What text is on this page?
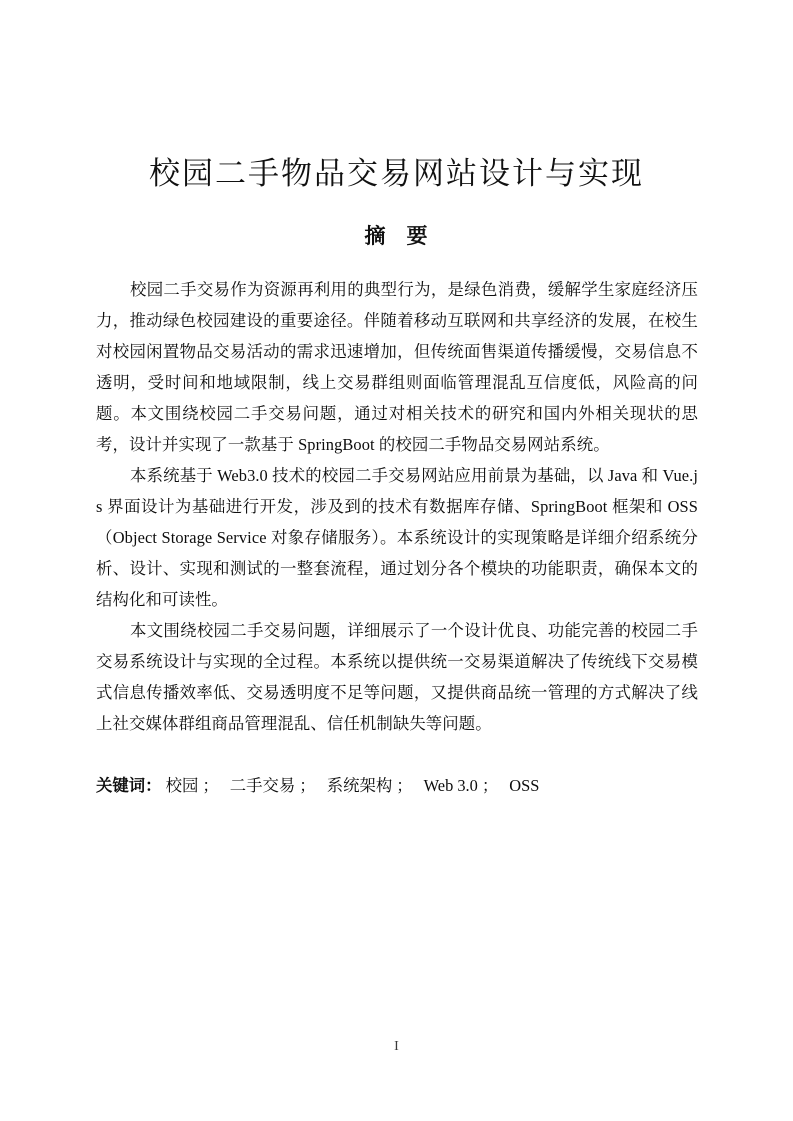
校园二手物品交易网站设计与实现
摘 要

校园二手交易作为资源再利用的典型行为，是绿色消费，缓解学生家庭经济压力，推动绿色校园建设的重要途径。伴随着移动互联网和共享经济的发展，在校生对校园闲置物品交易活动的需求迅速增加，但传统面售渠道传播缓慢，交易信息不透明，受时间和地域限制，线上交易群组则面临管理混乱互信度低，风险高的问题。本文围绕校园二手交易问题，通过对相关技术的研究和国内外相关现状的思考，设计并实现了一款基于 SpringBoot 的校园二手物品交易网站系统。

本系统基于 Web3.0 技术的校园二手交易网站应用前景为基础，以 Java 和 Vue.js 界面设计为基础进行开发，涉及到的技术有数据库存储、SpringBoot 框架和 OSS（Object Storage Service 对象存储服务）。本系统设计的实现策略是详细介绍系统分析、设计、实现和测试的一整套流程，通过划分各个模块的功能职责，确保本文的结构化和可读性。

本文围绕校园二手交易问题，详细展示了一个设计优良、功能完善的校园二手交易系统设计与实现的全过程。本系统以提供统一交易渠道解决了传统线下交易模式信息传播效率低、交易透明度不足等问题，又提供商品统一管理的方式解决了线上社交媒体群组商品管理混乱、信任机制缺失等问题。

关键词： 校园 ； 二手交易 ； 系统架构 ； Web 3.0 ； OSS
I
